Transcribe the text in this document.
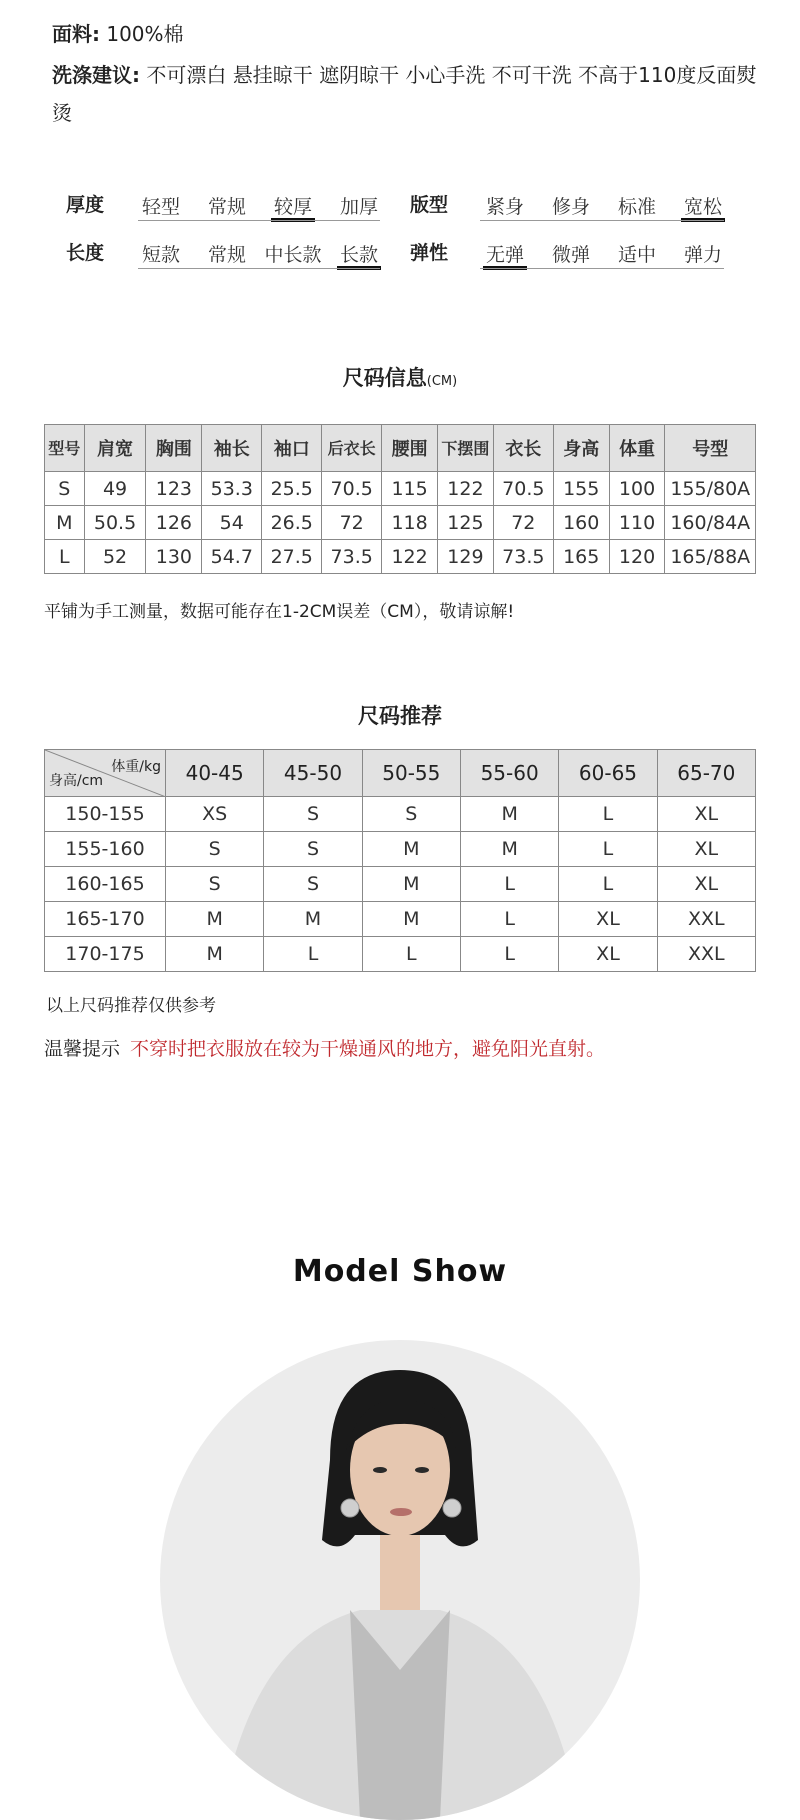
面料: 100%棉
洗涤建议: 不可漂白 悬挂晾干 遮阴晾干 小心手洗 不可干洗 不高于110度反面熨烫
厚度	轻型	常规	较厚	加厚	版型	紧身	修身	标准	宽松
长度	短款	常规 中长款 长款	弹性	无弹	微弹	适中	弹力
尺码信息(CM)
型号	肩宽	胸围	袖长	袖口	后衣长	腰围	下摆围	衣长	身高	体重	号型
S	49	123	53.3	25.5	70.5	115	122	70.5	155	100	155/80A
M	50.5	126	54	26.5	72	118	125	72	160	110	160/84A
L	52	130	54.7	27.5	73.5	122	129	73.5	165	120	165/88A
平铺为手工测量，数据可能存在1-2CM误差（CM），敬请谅解!
尺码推荐
体重/kg
身高/cm	40-45	45-50	50-55	55-60	60-65	65-70
150-155	XS	S	S	M	L	XL
155-160	S	S	M	M	L	XL
160-165	S	S	M	L	L	XL
165-170	M	M	M	L	XL	XXL
170-175	M	L	L	L	XL	XXL
以上尺码推荐仅供参考
温馨提示 不穿时把衣服放在较为干燥通风的地方，避免阳光直射。
Model Show
